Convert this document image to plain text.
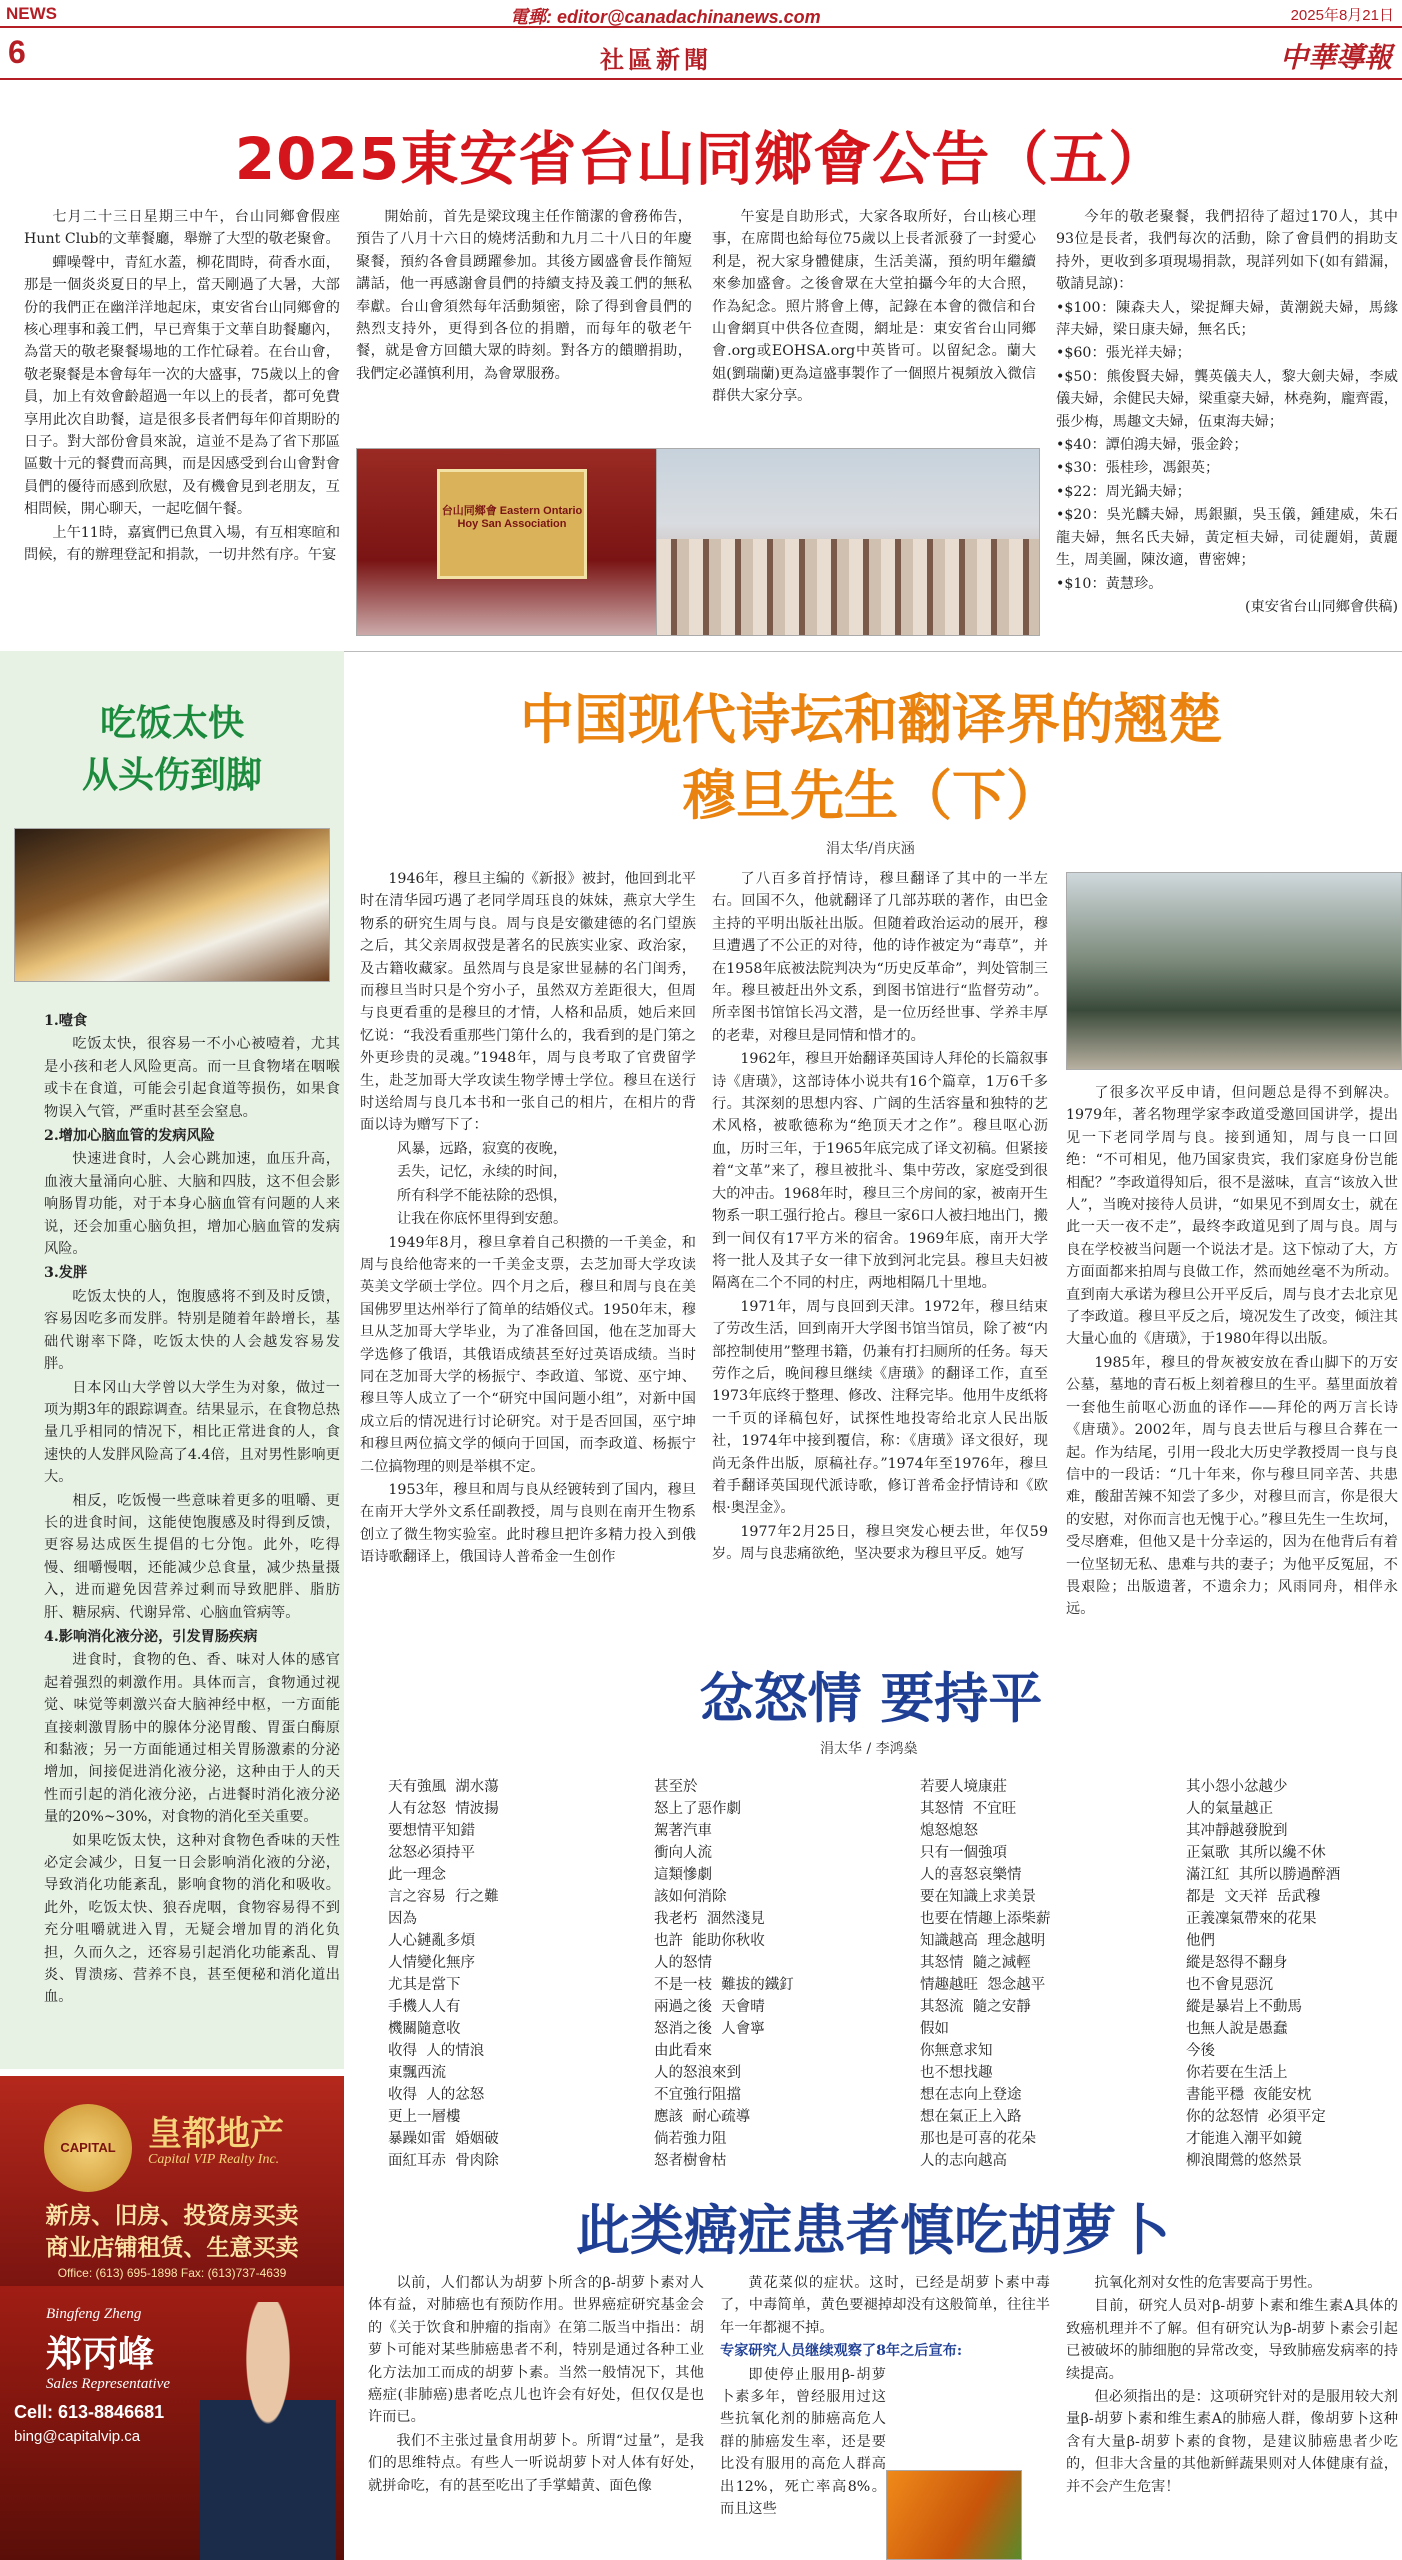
NEWS	電郵: editor@canadachinanews.com	2025年8月21日
6	社區新聞	中華導報
2025東安省台山同鄉會公告（五）

七月二十三日星期三中午，台山同鄉會假座Hunt Club的文華餐廳，舉辦了大型的敬老聚會。

蟬噪聲中，青紅水蓋，柳花間時，荷香水面，那是一個炎炎夏日的早上，當天剛過了大暑，大部份的我們正在幽洋洋地起床，東安省台山同鄉會的核心理事和義工們，早已齊集于文華自助餐廳內，為當天的敬老聚餐場地的工作忙碌着。在台山會，敬老聚餐是本會每年一次的大盛事，75歲以上的會員，加上有效會齡超過一年以上的長者，都可免費享用此次自助餐，這是很多長者們每年仰首期盼的日子。對大部份會員來說，這並不是為了省下那區區數十元的餐費而高興，而是因感受到台山會對會員們的優待而感到欣慰，及有機會見到老朋友，互相問候，開心聊天，一起吃個午餐。

上午11時，嘉賓們已魚貫入場，有互相寒暄和問候，有的辦理登記和捐款，一切井然有序。午宴

開始前，首先是梁玟瑰主任作簡潔的會務佈告，預告了八月十六日的燒烤活動和九月二十八日的年慶聚餐，預約各會員踴躍參加。其後方國盛會長作簡短講話，他一再感謝會員們的持續支持及義工們的無私奉獻。台山會須然每年活動頻密，除了得到會員們的熱烈支持外，更得到各位的捐贈，而每年的敬老午餐，就是會方回饋大眾的時刻。對各方的饋贈捐助，我們定必謹慎利用，為會眾服務。

午宴是自助形式，大家各取所好，台山核心理事，在席間也給每位75歲以上長者派發了一封愛心利是，祝大家身體健康，生活美滿，預約明年繼續來參加盛會。之後會眾在大堂拍攝今年的大合照，作為紀念。照片將會上傳，記錄在本會的微信和台山會網頁中供各位查閱，網址是：東安省台山同鄉會.org或EOHSA.org中英皆可。以留紀念。蘭大姐(劉瑞蘭)更為這盛事製作了一個照片視頻放入微信群供大家分享。

今年的敬老聚餐，我們招待了超过170人，其中93位是長者，我們每次的活動，除了會員們的捐助支持外，更收到多項現場捐款，現詳列如下(如有錯漏，敬請見諒)：

•$100：陳森夫人，梁捉輝夫婦，黃潮鋭夫婦，馬緣萍夫婦，梁日康夫婦，無名氏；

•$60：張光祥夫婦；

•$50：熊俊賢夫婦，龔英儀夫人，黎大劍夫婦，李威儀夫婦，余健民夫婦，梁重豪夫婦，林堯夠，龐齊霞，張少梅，馬趣文夫婦，伍東海夫婦；

•$40：譚伯鴻夫婦，張金鈴；

•$30：張桂珍，馮銀英；

•$22：周光鍋夫婦；

•$20：吳光麟夫婦，馬銀顯，吳玉儀，鍾建威，朱石龍夫婦，無名氏夫婦，黃定桓夫婦，司徒麗娟，黃麗生，周美圖，陳汝適，曹密婢；

•$10：黃慧珍。

(東安省台山同鄉會供稿)

台山同鄉會 Eastern Ontario Hoy San Association
吃饭太快
从头伤到脚

1.噎食

吃饭太快，很容易一不小心被噎着，尤其是小孩和老人风险更高。而一旦食物堵在咽喉或卡在食道，可能会引起食道等损伤，如果食物误入气管，严重时甚至会窒息。

2.增加心脑血管的发病风险

快速进食时，人会心跳加速，血压升高，血液大量涌向心脏、大脑和四肢，这不但会影响肠胃功能，对于本身心脑血管有问题的人来说，还会加重心脑负担，增加心脑血管的发病风险。

3.发胖

吃饭太快的人，饱腹感将不到及时反馈，容易因吃多而发胖。特别是随着年龄增长，基础代谢率下降，吃饭太快的人会越发容易发胖。

日本冈山大学曾以大学生为对象，做过一项为期3年的跟踪调查。结果显示，在食物总热量几乎相同的情况下，相比正常进食的人，食速快的人发胖风险高了4.4倍，且对男性影响更大。

相反，吃饭慢一些意味着更多的咀嚼、更长的进食时间，这能使饱腹感及时得到反馈，更容易达成医生提倡的七分饱。此外，吃得慢、细嚼慢咽，还能减少总食量，减少热量摄入，进而避免因营养过剩而导致肥胖、脂肪肝、糖尿病、代谢异常、心脑血管病等。

4.影响消化液分泌，引发胃肠疾病

进食时，食物的色、香、味对人体的感官起着强烈的刺激作用。具体而言，食物通过视觉、味觉等刺激兴奋大脑神经中枢，一方面能直接刺激胃肠中的腺体分泌胃酸、胃蛋白酶原和黏液；另一方面能通过相关胃肠激素的分泌增加，间接促进消化液分泌，这种由于人的天性而引起的消化液分泌，占进餐时消化液分泌量的20%~30%，对食物的消化至关重要。

如果吃饭太快，这种对食物色香味的天性必定会减少，日复一日会影响消化液的分泌，导致消化功能紊乱，影响食物的消化和吸收。此外，吃饭太快、狼吞虎咽，食物容易得不到充分咀嚼就进入胃，无疑会增加胃的消化负担，久而久之，还容易引起消化功能紊乱、胃炎、胃溃疡、营养不良，甚至便秘和消化道出血。

中国现代诗坛和翻译界的翘楚
穆旦先生（下）
涓太华/肖庆涵

1946年，穆旦主编的《新报》被封，他回到北平时在清华园巧遇了老同学周珏良的妹妹，燕京大学生物系的研究生周与良。周与良是安徽建德的名门望族之后，其父亲周叔弢是著名的民族实业家、政治家，及古籍收藏家。虽然周与良是家世显赫的名门闺秀，而穆旦当时只是个穷小子，虽然双方差距很大，但周与良更看重的是穆旦的才情，人格和品质，她后来回忆说：“我没看重那些门第什么的，我看到的是门第之外更珍贵的灵魂。”1948年，周与良考取了官费留学生，赴芝加哥大学攻读生物学博士学位。穆旦在送行时送给周与良几本书和一张自己的相片，在相片的背面以诗为赠写下了：

风暴，远路，寂寞的夜晚，

丢失，记忆，永续的时间，

所有科学不能祛除的恐惧，

让我在你底怀里得到安憩。

1949年8月，穆旦拿着自己积攒的一千美金，和周与良给他寄来的一千美金支票，去芝加哥大学攻读英美文学硕士学位。四个月之后，穆旦和周与良在美国佛罗里达州举行了简单的结婚仪式。1950年末，穆旦从芝加哥大学毕业，为了准备回国，他在芝加哥大学选修了俄语，其俄语成绩甚至好过英语成绩。当时同在芝加哥大学的杨振宁、李政道、邹谠、巫宁坤、穆旦等人成立了一个“研究中国问题小组”，对新中国成立后的情况进行讨论研究。对于是否回国，巫宁坤和穆旦两位搞文学的倾向于回国，而李政道、杨振宁二位搞物理的则是举棋不定。

1953年，穆旦和周与良从经镀转到了国内，穆旦在南开大学外文系任副教授，周与良则在南开生物系创立了微生物实验室。此时穆旦把许多精力投入到俄语诗歌翻译上，俄国诗人普希金一生创作

了八百多首抒情诗，穆旦翻译了其中的一半左右。回国不久，他就翻译了几部苏联的著作，由巴金主持的平明出版社出版。但随着政治运动的展开，穆旦遭遇了不公正的对待，他的诗作被定为“毒草”，并在1958年底被法院判决为“历史反革命”，判处管制三年。穆旦被赶出外文系，到图书馆进行“监督劳动”。所幸图书馆馆长冯文潜，是一位历经世事、学养丰厚的老辈，对穆旦是同情和惜才的。

1962年，穆旦开始翻译英国诗人拜伦的长篇叙事诗《唐璜》，这部诗体小说共有16个篇章，1万6千多行。其深刻的思想内容、广阔的生活容量和独特的艺术风格，被歌德称为“绝顶天才之作”。穆旦呕心沥血，历时三年，于1965年底完成了译文初稿。但紧接着“文革”来了，穆旦被批斗、集中劳改，家庭受到很大的冲击。1968年时，穆旦三个房间的家，被南开生物系一职工强行抢占。穆旦一家6口人被扫地出门，搬到一间仅有17平方米的宿舍。1969年底，南开大学将一批人及其子女一律下放到河北完县。穆旦夫妇被隔离在二个不同的村庄，两地相隔几十里地。

1971年，周与良回到天津。1972年，穆旦结束了劳改生活，回到南开大学图书馆当馆员，除了被“内部控制使用”整理书籍，仍兼有打扫厕所的任务。每天劳作之后，晚间穆旦继续《唐璜》的翻译工作，直至1973年底终于整理、修改、注释完毕。他用牛皮纸将一千页的译稿包好，试探性地投寄给北京人民出版社，1974年中接到覆信，称：《唐璜》译文很好，现尚无条件出版，原稿社存。”1974年至1976年，穆旦着手翻译英国现代派诗歌，修订普希金抒情诗和《欧根·奥涅金》。

1977年2月25日，穆旦突发心梗去世，年仅59岁。周与良悲痛欲绝，坚决要求为穆旦平反。她写

了很多次平反申请，但问题总是得不到解决。1979年，著名物理学家李政道受邀回国讲学，提出见一下老同学周与良。接到通知，周与良一口回绝：“不可相见，他乃国家贵宾，我们家庭身份岂能相配？”李政道得知后，很不是滋味，直言“该放入世人”，当晚对接待人员讲，“如果见不到周女士，就在此一天一夜不走”，最终李政道见到了周与良。周与良在学校被当问题一个说法才是。这下惊动了大，方方面面都来拍周与良做工作，然而她丝毫不为所动。直到南大承诺为穆旦公开平反后，周与良才去北京见了李政道。穆旦平反之后，境况发生了改变，倾注其大量心血的《唐璜》，于1980年得以出版。

1985年，穆旦的骨灰被安放在香山脚下的万安公墓，墓地的青石板上刻着穆旦的生平。墓里面放着一套他生前呕心沥血的译作——拜伦的两万言长诗《唐璜》。2002年，周与良去世后与穆旦合葬在一起。作为结尾，引用一段北大历史学教授周一良与良信中的一段话：“几十年来，你与穆旦同辛苦、共患难，酸甜苦辣不知尝了多少，对穆旦而言，你是很大的安慰，对你而言也无愧于心。”穆旦先生一生坎坷，受尽磨难，但他又是十分幸运的，因为在他背后有着一位坚韧无私、患难与共的妻子；为他平反冤屈，不畏艰险；出版遗著，不遗余力；风雨同舟，相伴永远。

忿怒情 要持平
涓太华 / 李鸿燊
天有強風  湖水蕩
人有忿怒  情波揚
要想情平知錯
忿怒必須持平
此一理念
言之容易  行之難
因為
人心鏈亂多煩
人情變化無序
尤其是當下
手機人人有
機關隨意收
收得  人的情浪
東飄西流
收得  人的忿怒
更上一層樓
暴躁如雷  婚姻破
面紅耳赤  骨肉除
甚至於
怒上了惡作劇
駕著汽車
衝向人流
這類慘劇
該如何消除
我老朽  涸然淺見
也許  能助你秋收
人的怒情
不是一枝  難拔的鐵釘
兩過之後  天會晴
怒消之後  人會寧
由此看來
人的怒浪來到
不宜強行阻擋
應該  耐心疏導
倘若強力阻
怒者樹會枯
若要人境康莊
其怒情  不宜旺
熄怒熄怒
只有一個強項
人的喜怒哀樂情
要在知識上求美景
也要在情趣上添柴薪
知識越高  理念越明
其怒情  隨之減輕
情趣越旺  怨念越平
其怒流  隨之安靜
假如
你無意求知
也不想找趣
想在志向上登途
想在氣正上入路
那也是可喜的花朵
人的志向越高
其小怨小忿越少
人的氣量越正
其冲靜越發脫到
正氣歌  其所以纔不休
滿江紅  其所以勝過醉酒
都是  文天祥  岳武穆
正義凜氣帶來的花果
他們
縱是怒得不翻身
也不會見惡沉
縱是暴岩上不動馬
也無人說是愚蠢
今後
你若要在生活上
書能平穩  夜能安枕
你的忿怒情  必須平定
才能進入潮平如鏡
柳浪聞鶯的悠然景
此类癌症患者慎吃胡萝卜

以前，人们都认为胡萝卜所含的β-胡萝卜素对人体有益，对肺癌也有预防作用。世界癌症研究基金会的《关于饮食和肿瘤的指南》在第二版当中指出：胡萝卜可能对某些肺癌患者不利，特别是通过各种工业化方法加工而成的胡萝卜素。当然一般情况下，其他癌症(非肺癌)患者吃点儿也许会有好处，但仅仅是也许而已。

我们不主张过量食用胡萝卜。所谓“过量”，是我们的思维特点。有些人一听说胡萝卜对人体有好处，就拼命吃，有的甚至吃出了手掌蜡黄、面色像

黄花菜似的症状。这时，已经是胡萝卜素中毒了，中毒简单，黄色要褪掉却没有这般简单，往往半年一年都褪不掉。

专家研究人员继续观察了8年之后宣布:

即使停止服用β-胡萝卜素多年，曾经服用过这些抗氧化剂的肺癌高危人群的肺癌发生率，还是要比没有服用的高危人群高出12%，死亡率高8%。而且这些

抗氧化剂对女性的危害要高于男性。

目前，研究人员对β-胡萝卜素和维生素A具体的致癌机理并不了解。但有研究认为β-胡萝卜素会引起已被破坏的肺细胞的异常改变，导致肺癌发病率的持续提高。

但必须指出的是：这项研究针对的是服用较大剂量β-胡萝卜素和维生素A的肺癌人群，像胡萝卜这种含有大量β-胡萝卜素的食物，是建议肺癌患者少吃的，但非大含量的其他新鲜蔬果则对人体健康有益，并不会产生危害！

CAPITAL 皇都地产
Capital VIP Realty Inc.
新房、旧房、投资房买卖
商业店铺租赁、生意买卖
Office: (613) 695-1898 Fax: (613)737-4639
Bingfeng Zheng
郑丙峰
Sales Representative
Cell: 613-8846681
bing@capitalvip.ca
